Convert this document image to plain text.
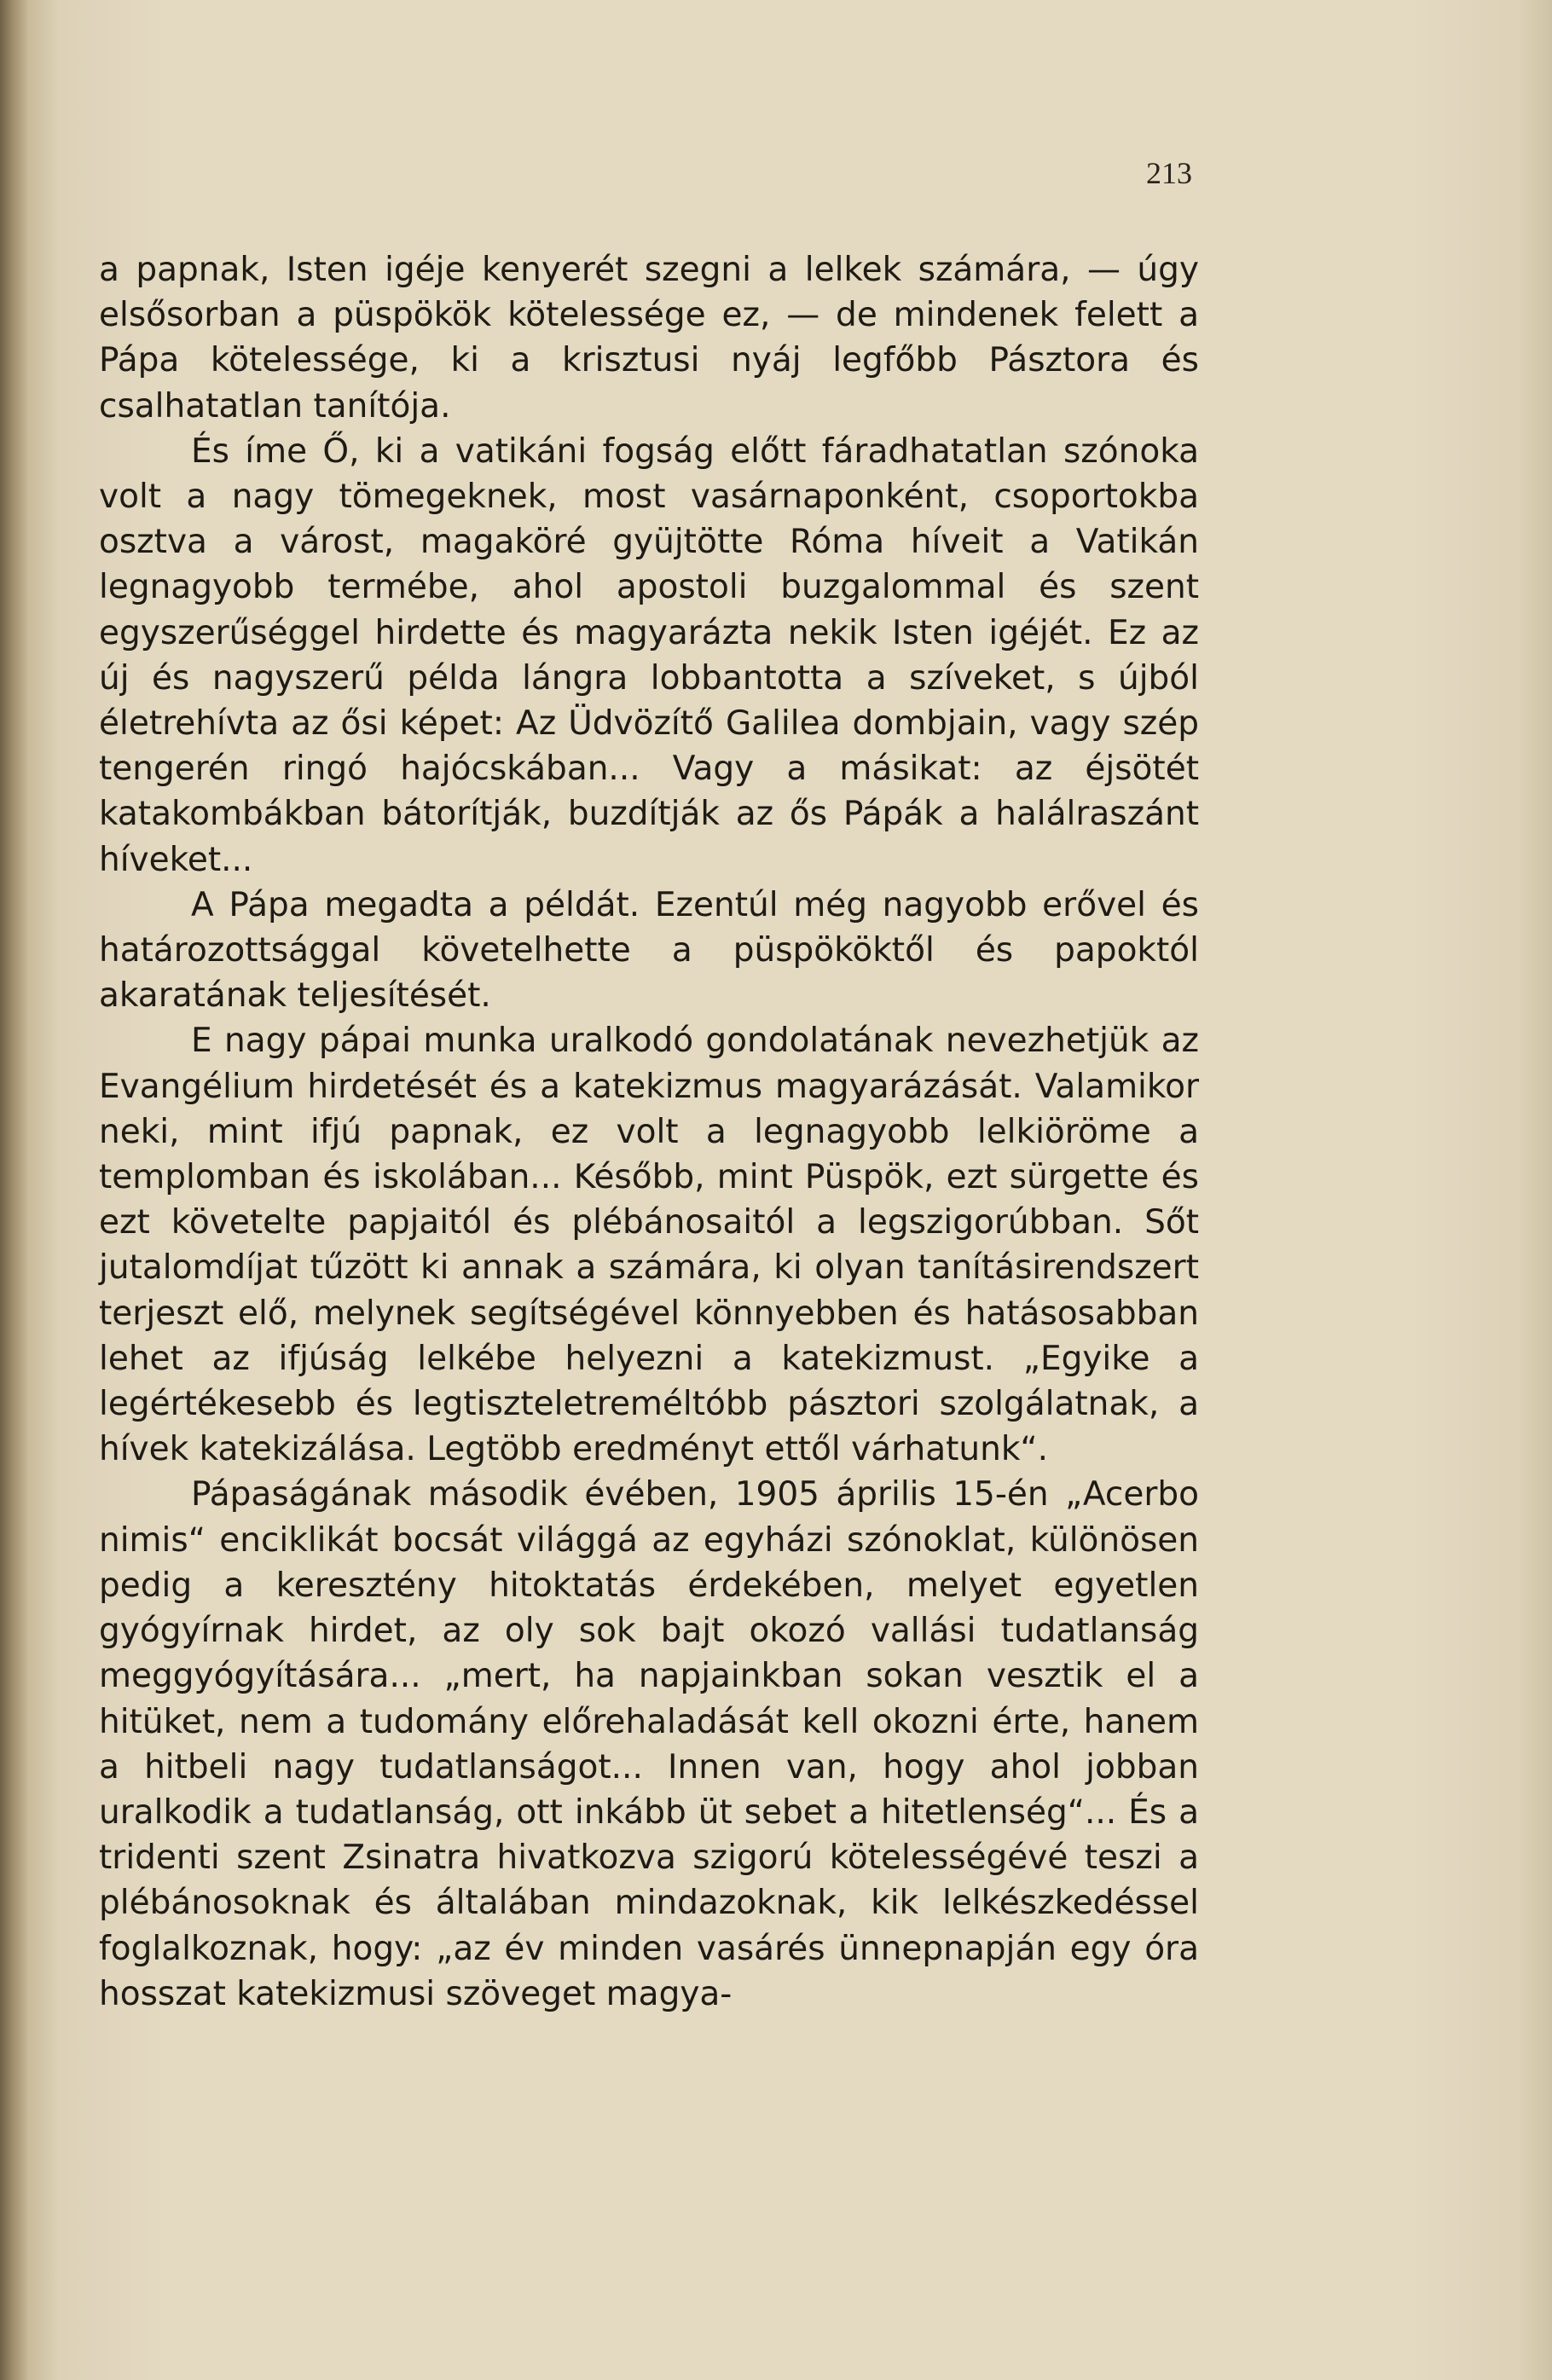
213

a papnak, Isten igéje kenyerét szegni a lelkek számára, — úgy elsősorban a püspökök kötelessége ez, — de mindenek felett a Pápa kötelessége, ki a krisztusi nyáj legfőbb Pásztora és csalhatatlan tanítója.

És íme Ő, ki a vatikáni fogság előtt fáradhatatlan szónoka volt a nagy tömegeknek, most vasárnaponként, csoportokba osztva a várost, magaköré gyüjtötte Róma híveit a Vatikán legnagyobb termébe, ahol apostoli buzgalommal és szent egyszerűséggel hirdette és magyarázta nekik Isten igéjét. Ez az új és nagyszerű példa lángra lobbantotta a szíveket, s újból életrehívta az ősi képet: Az Üdvözítő Galilea dombjain, vagy szép tengerén ringó hajócskában... Vagy a másikat: az éjsötét katakombákban bátorítják, buzdítják az ős Pápák a halálraszánt híveket...

A Pápa megadta a példát. Ezentúl még nagyobb erővel és határozottsággal követelhette a püspököktől és papoktól akaratának teljesítését.

E nagy pápai munka uralkodó gondolatának nevezhetjük az Evangélium hirdetését és a katekizmus magyarázását. Valamikor neki, mint ifjú papnak, ez volt a legnagyobb lelkiöröme a templomban és iskolában... Később, mint Püspök, ezt sürgette és ezt követelte papjaitól és plébánosaitól a legszigorúbban. Sőt jutalomdíjat tűzött ki annak a számára, ki olyan tanításirendszert terjeszt elő, melynek segítségével könnyebben és hatásosabban lehet az ifjúság lelkébe helyezni a katekizmust. „Egyike a legértékesebb és legtiszteletreméltóbb pásztori szolgálatnak, a hívek katekizálása. Legtöbb eredményt ettől várhatunk“.

Pápaságának második évében, 1905 április 15-én „Acerbo nimis“ enciklikát bocsát világgá az egyházi szónoklat, különösen pedig a keresztény hitoktatás érdekében, melyet egyetlen gyógyírnak hirdet, az oly sok bajt okozó vallási tudatlanság meggyógyítására... „mert, ha napjainkban sokan vesztik el a hitüket, nem a tudomány előrehaladását kell okozni érte, hanem a hitbeli nagy tudatlanságot... Innen van, hogy ahol jobban uralkodik a tudatlanság, ott inkább üt sebet a hitetlenség“... És a tridenti szent Zsinatra hivatkozva szigorú kötelességévé teszi a plébánosoknak és általában mindazoknak, kik lelkészkedéssel foglalkoznak, hogy: „az év minden vasárés ünnepnapján egy óra hosszat katekizmusi szöveget magya-
